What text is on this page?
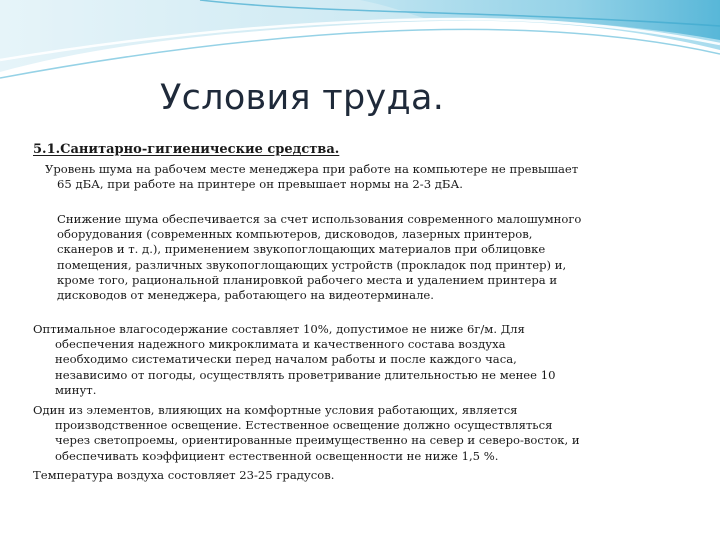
Условия труда.

5.1.Санитарно-гигиенические средства.

Уровень шума на рабочем месте менеджера при работе на компьютере не превышает
65 дБА, при работе на принтере он превышает нормы на 2-3 дБА.

Снижение шума обеспечивается за счет использования современного малошумного
оборудования (современных компьютеров, дисководов, лазерных принтеров,
сканеров и т. д.), применением звукопоглощающих материалов при облицовке
помещения, различных звукопоглощающих устройств (прокладок под принтер) и,
кроме того, рациональной планировкой рабочего места и удалением принтера и
дисководов от менеджера, работающего на видеотерминале.

Оптимальное влагосодержание составляет 10%, допустимое не ниже 6г/м. Для
обеспечения надежного микроклимата и качественного состава воздуха
необходимо систематически перед началом работы и после каждого часа,
независимо от погоды, осуществлять проветривание длительностью не менее 10
минут.

Один из элементов, влияющих на комфортные условия работающих, является
производственное освещение. Естественное освещение должно осуществляться
через светопроемы, ориентированные преимущественно на север и северо-восток, и
обеспечивать коэффициент естественной освещенности не ниже 1,5 %.

Температура воздуха состовляет 23-25 градусов.
